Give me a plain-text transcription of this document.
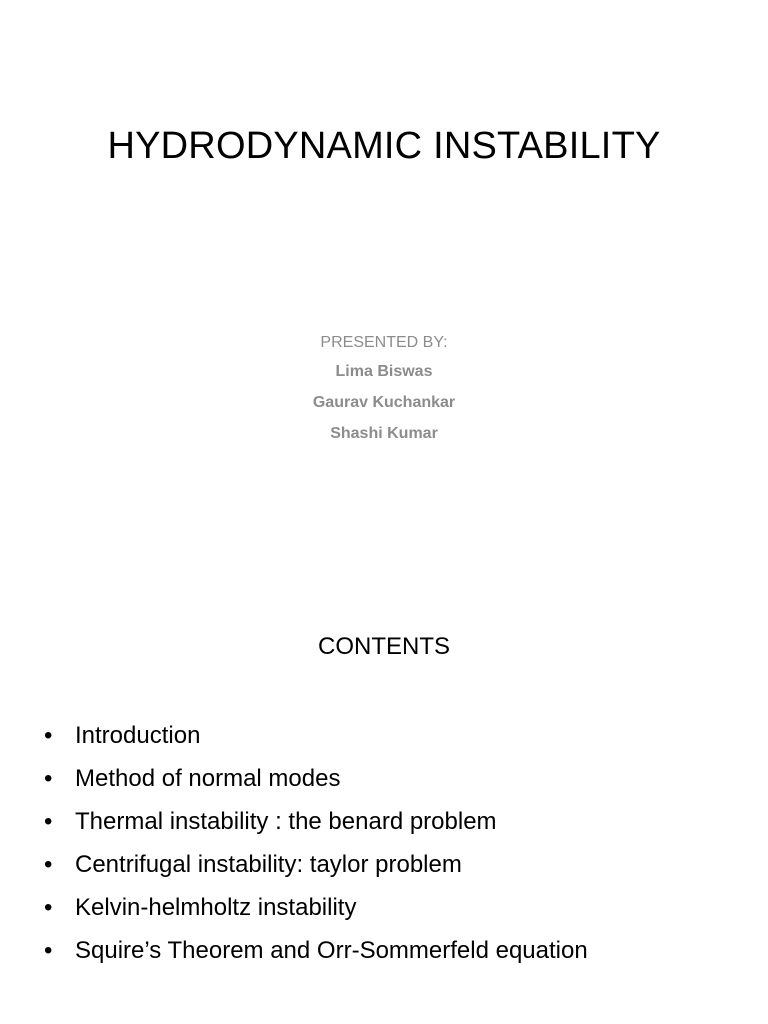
HYDRODYNAMIC INSTABILITY
PRESENTED BY:
Lima Biswas
Gaurav Kuchankar
Shashi Kumar
CONTENTS
• Introduction
• Method of normal modes
• Thermal instability : the benard problem
• Centrifugal instability: taylor problem
• Kelvin-helmholtz instability
• Squire’s Theorem and Orr-Sommerfeld equation
